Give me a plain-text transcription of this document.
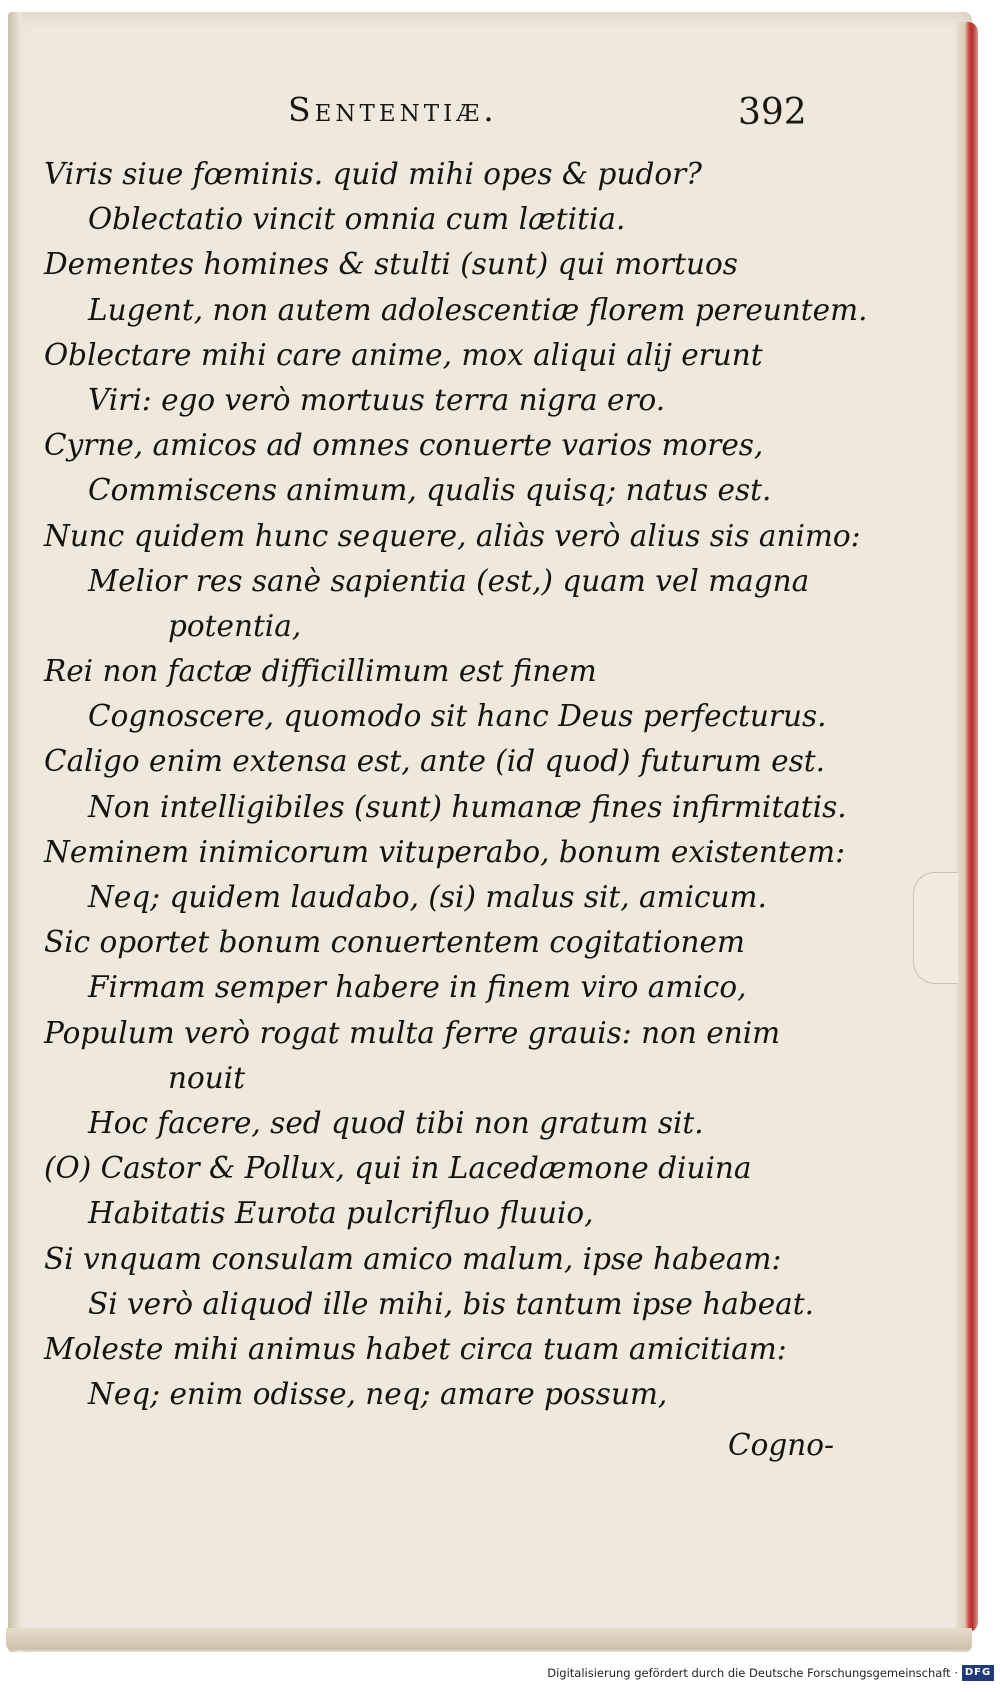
Sententiæ.	392
Viris siue fœminis. quid mihi opes & pudor?
Oblectatio vincit omnia cum lætitia.
Dementes homines & stulti (sunt) qui mortuos
Lugent, non autem adolescentiæ florem pereuntem.
Oblectare mihi care anime, mox aliqui alij erunt
Viri: ego verò mortuus terra nigra ero.
Cyrne, amicos ad omnes conuerte varios mores,
Commiscens animum, qualis quisq; natus est.
Nunc quidem hunc sequere, aliàs verò alius sis animo:
Melior res sanè sapientia (est,) quam vel magna
potentia,
Rei non factæ difficillimum est finem
Cognoscere, quomodo sit hanc Deus perfecturus.
Caligo enim extensa est, ante (id quod) futurum est.
Non intelligibiles (sunt) humanæ fines infirmitatis.
Neminem inimicorum vituperabo, bonum existentem:
Neq; quidem laudabo, (si) malus sit, amicum.
Sic oportet bonum conuertentem cogitationem
Firmam semper habere in finem viro amico,
Populum verò rogat multa ferre grauis: non enim
nouit
Hoc facere, sed quod tibi non gratum sit.
(O) Castor & Pollux, qui in Lacedæmone diuina
Habitatis Eurota pulcrifluo fluuio,
Si vnquam consulam amico malum, ipse habeam:
Si verò aliquod ille mihi, bis tantum ipse habeat.
Moleste mihi animus habet circa tuam amicitiam:
Neq; enim odisse, neq; amare possum,
Cogno-
Digitalisierung gefördert durch die Deutsche Forschungsgemeinschaft · DFG
